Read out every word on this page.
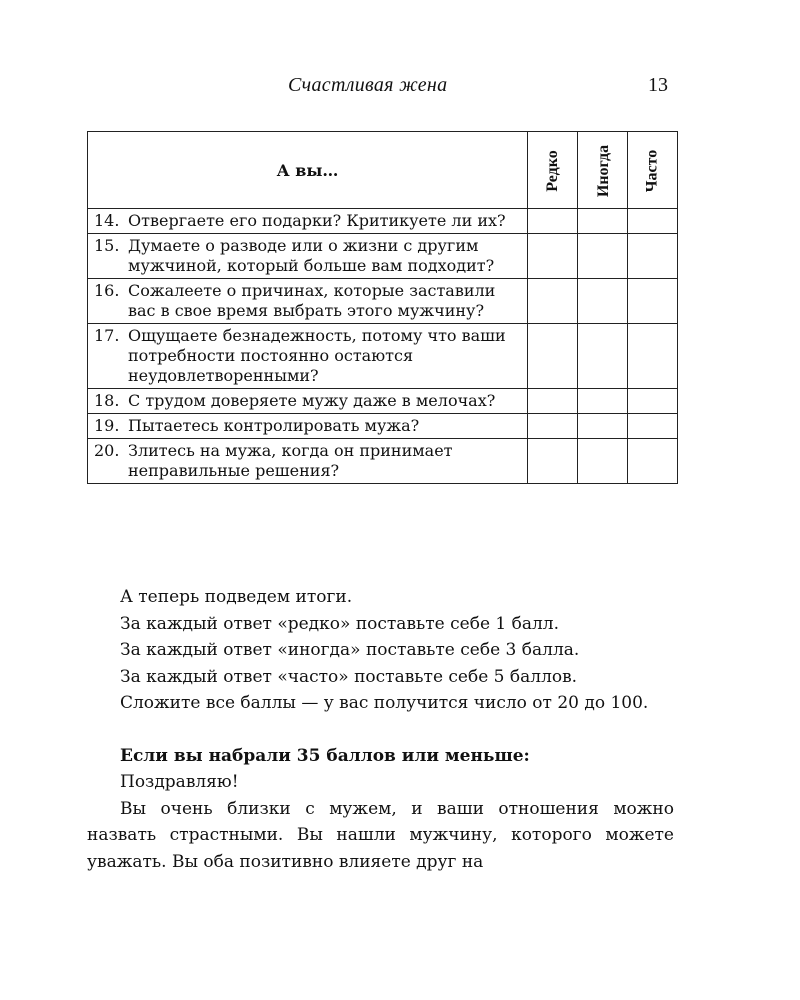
Счастливая жена	13
А вы…	Редко	Иногда	Часто

14. Отвергаете его подарки? Критикуете ли их?			

15. Думаете о разводе или о жизни с другим мужчиной, который больше вам подходит?			

16. Сожалеете о причинах, которые заставили вас в свое время выбрать этого мужчину?			

17. Ощущаете безнадежность, потому что ваши потребности постоянно остаются неудовлетворенными?			

18. С трудом доверяете мужу даже в мелочах?			

19. Пытаетесь контролировать мужа?			

20. Злитесь на мужа, когда он принимает неправильные решения?			

А теперь подведем итоги.

За каждый ответ «редко» поставьте себе 1 балл.

За каждый ответ «иногда» поставьте себе 3 балла.

За каждый ответ «часто» поставьте себе 5 баллов.

Сложите все баллы — у вас получится число от 20 до 100.

Если вы набрали 35 баллов или меньше:

Поздравляю!

Вы очень близки с мужем, и ваши отношения можно назвать страстными. Вы нашли мужчину, которого можете уважать. Вы оба позитивно влияете друг на
